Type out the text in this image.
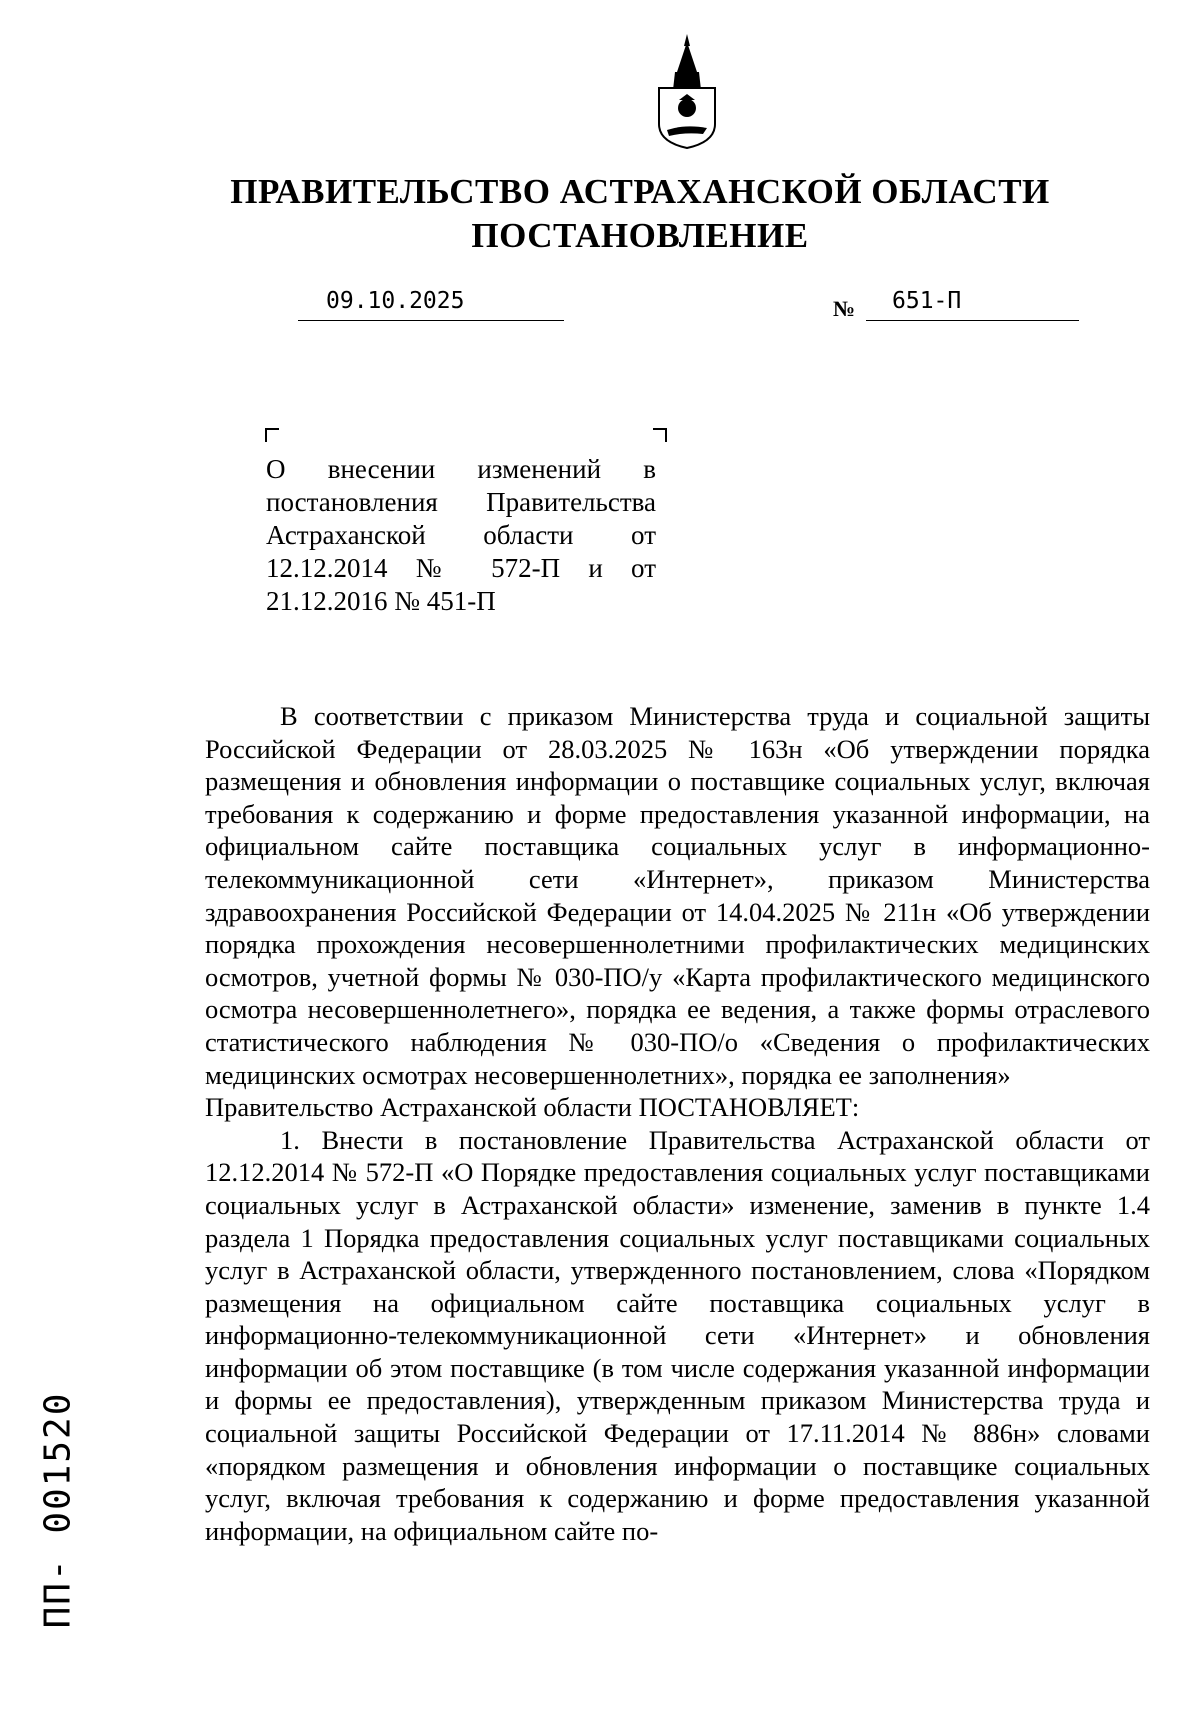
ПРАВИТЕЛЬСТВО АСТРАХАНСКОЙ ОБЛАСТИ
ПОСТАНОВЛЕНИЕ
09.10.2025	№ 651-П
О внесении изменений в постановления Правительства Астраханской области от 12.12.2014 № 572-П и от 21.12.2016 № 451-П

В соответствии с приказом Министерства труда и социальной защиты Российской Федерации от 28.03.2025 № 163н «Об утверждении порядка размещения и обновления информации о поставщике социальных услуг, включая требования к содержанию и форме предоставления указанной информации, на официальном сайте поставщика социальных услуг в информационно-телекоммуникационной сети «Интернет», приказом Министерства здравоохранения Российской Федерации от 14.04.2025 № 211н «Об утверждении порядка прохождения несовершеннолетними профилактических медицинских осмотров, учетной формы № 030-ПО/у «Карта профилактического медицинского осмотра несовершеннолетнего», порядка ее ведения, а также формы отраслевого статистического наблюдения № 030-ПО/о «Сведения о профилактических медицинских осмотрах несовершеннолетних», порядка ее заполнения»

Правительство Астраханской области ПОСТАНОВЛЯЕТ:

1. Внести в постановление Правительства Астраханской области от 12.12.2014 № 572-П «О Порядке предоставления социальных услуг поставщиками социальных услуг в Астраханской области» изменение, заменив в пункте 1.4 раздела 1 Порядка предоставления социальных услуг поставщиками социальных услуг в Астраханской области, утвержденного постановлением, слова «Порядком размещения на официальном сайте поставщика социальных услуг в информационно-телекоммуникационной сети «Интернет» и обновления информации об этом поставщике (в том числе содержания указанной информации и формы ее предоставления), утвержденным приказом Министерства труда и социальной защиты Российской Федерации от 17.11.2014 № 886н» словами «порядком размещения и обновления информации о поставщике социальных услуг, включая требования к содержанию и форме предоставления указанной информации, на официальном сайте по-

ПП- 001520
